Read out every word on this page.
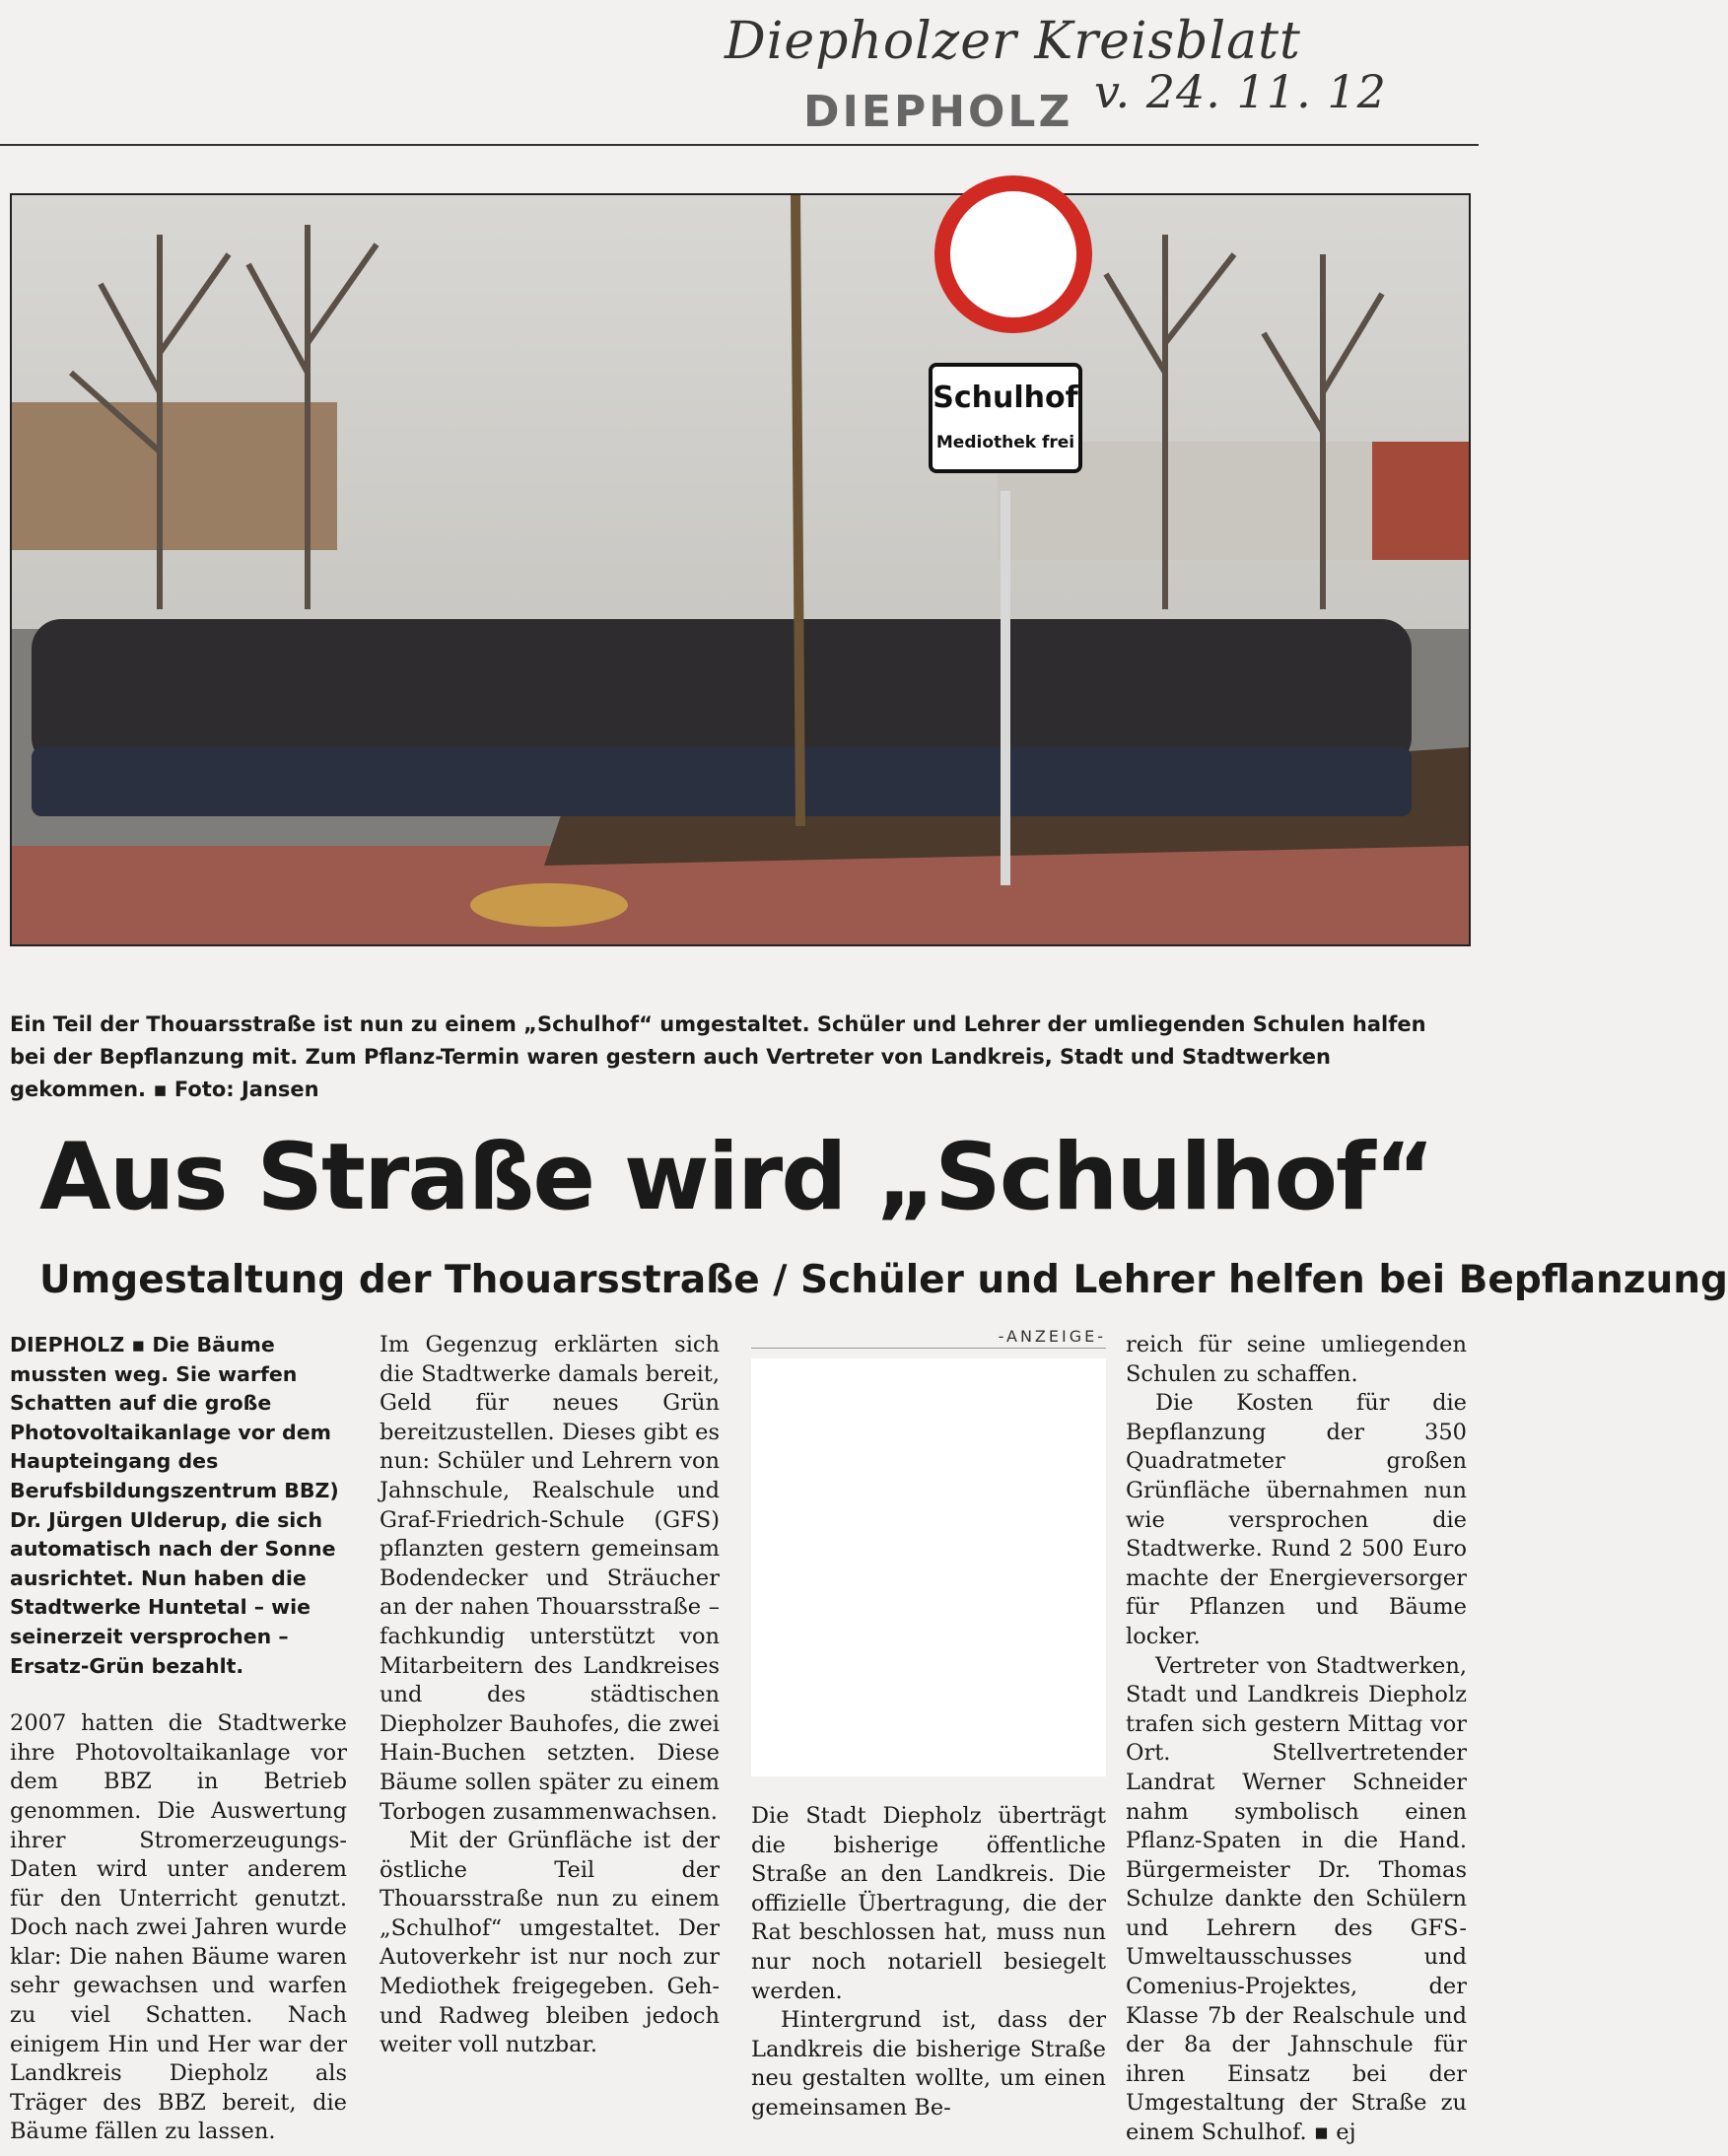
Diepholzer Kreisblatt
v. 24. 11. 12
DIEPHOLZ
Schulhof
Mediothek frei

Ein Teil der Thouarsstraße ist nun zu einem „Schulhof“ umgestaltet. Schüler und Lehrer der umliegenden Schulen halfen bei der Bepflanzung mit. Zum Pflanz-Termin waren gestern auch Vertreter von Landkreis, Stadt und Stadtwerken gekommen. ▪ Foto: Jansen

Aus Straße wird „Schulhof“
Umgestaltung der Thouarsstraße / Schüler und Lehrer helfen bei Bepflanzung

DIEPHOLZ ▪ Die Bäume mussten weg. Sie warfen Schatten auf die große Photovoltaikanlage vor dem Haupteingang des Berufsbildungszentrum BBZ) Dr. Jürgen Ulderup, die sich automatisch nach der Sonne ausrichtet. Nun haben die Stadtwerke Huntetal – wie seinerzeit versprochen – Ersatz-Grün bezahlt.

2007 hatten die Stadtwerke ihre Photovoltaikanlage vor dem BBZ in Betrieb genommen. Die Auswertung ihrer Stromerzeugungs-Daten wird unter anderem für den Unterricht genutzt. Doch nach zwei Jahren wurde klar: Die nahen Bäume waren sehr gewachsen und warfen zu viel Schatten. Nach einigem Hin und Her war der Landkreis Diepholz als Träger des BBZ bereit, die Bäume fällen zu lassen.

Im Gegenzug erklärten sich die Stadtwerke damals bereit, Geld für neues Grün bereitzustellen. Dieses gibt es nun: Schüler und Lehrern von Jahnschule, Realschule und Graf-Friedrich-Schule (GFS) pflanzten gestern gemeinsam Bodendecker und Sträucher an der nahen Thouarsstraße – fachkundig unterstützt von Mitarbeitern des Landkreises und des städtischen Diepholzer Bauhofes, die zwei Hain-Buchen setzten. Diese Bäume sollen später zu einem Torbogen zusammenwachsen.

Mit der Grünfläche ist der östliche Teil der Thouarsstraße nun zu einem „Schulhof“ umgestaltet. Der Autoverkehr ist nur noch zur Mediothek freigegeben. Geh- und Radweg bleiben jedoch weiter voll nutzbar.

-ANZEIGE-

Die Stadt Diepholz überträgt die bisherige öffentliche Straße an den Landkreis. Die offizielle Übertragung, die der Rat beschlossen hat, muss nun nur noch notariell besiegelt werden.

Hintergrund ist, dass der Landkreis die bisherige Straße neu gestalten wollte, um einen gemeinsamen Be-

reich für seine umliegenden Schulen zu schaffen.

Die Kosten für die Bepflanzung der 350 Quadratmeter großen Grünfläche übernahmen nun wie versprochen die Stadtwerke. Rund 2 500 Euro machte der Energieversorger für Pflanzen und Bäume locker.

Vertreter von Stadtwerken, Stadt und Landkreis Diepholz trafen sich gestern Mittag vor Ort. Stellvertretender Landrat Werner Schneider nahm symbolisch einen Pflanz-Spaten in die Hand. Bürgermeister Dr. Thomas Schulze dankte den Schülern und Lehrern des GFS-Umweltausschusses und Comenius-Projektes, der Klasse 7b der Realschule und der 8a der Jahnschule für ihren Einsatz bei der Umgestaltung der Straße zu einem Schulhof. ▪ ej
